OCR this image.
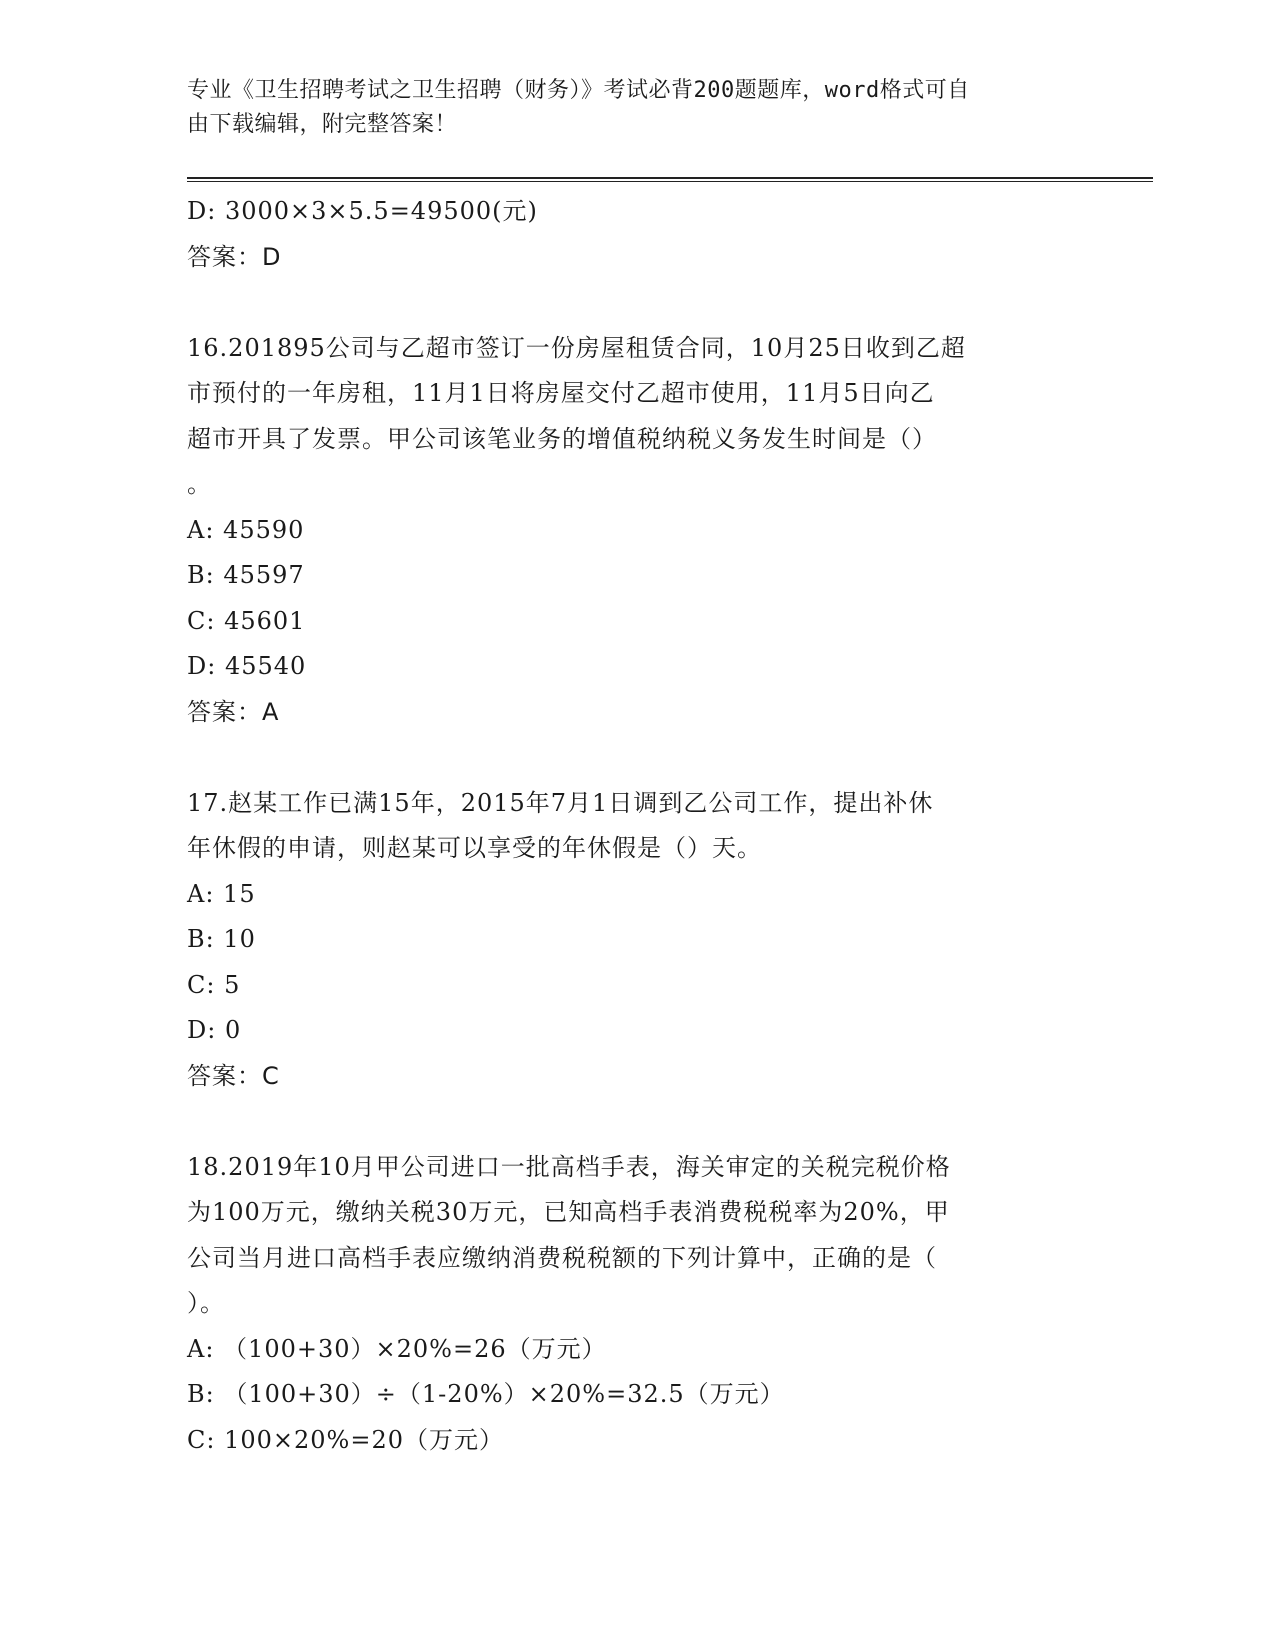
专业《卫生招聘考试之卫生招聘（财务）》考试必背200题题库，word格式可自
由下载编辑，附完整答案！
D: 3000×3×5.5=49500(元)
答案：D
16.201895公司与乙超市签订一份房屋租赁合同，10月25日收到乙超
市预付的一年房租，11月1日将房屋交付乙超市使用，11月5日向乙
超市开具了发票。甲公司该笔业务的增值税纳税义务发生时间是（）
。
A: 45590
B: 45597
C: 45601
D: 45540
答案：A
17.赵某工作已满15年，2015年7月1日调到乙公司工作，提出补休
年休假的申请，则赵某可以享受的年休假是（）天。
A: 15
B: 10
C: 5
D: 0
答案：C
18.2019年10月甲公司进口一批高档手表，海关审定的关税完税价格
为100万元，缴纳关税30万元，已知高档手表消费税税率为20%，甲
公司当月进口高档手表应缴纳消费税税额的下列计算中，正确的是（
）。
A: （100+30）×20%=26（万元）
B: （100+30）÷（1-20%）×20%=32.5（万元）
C: 100×20%=20（万元）
